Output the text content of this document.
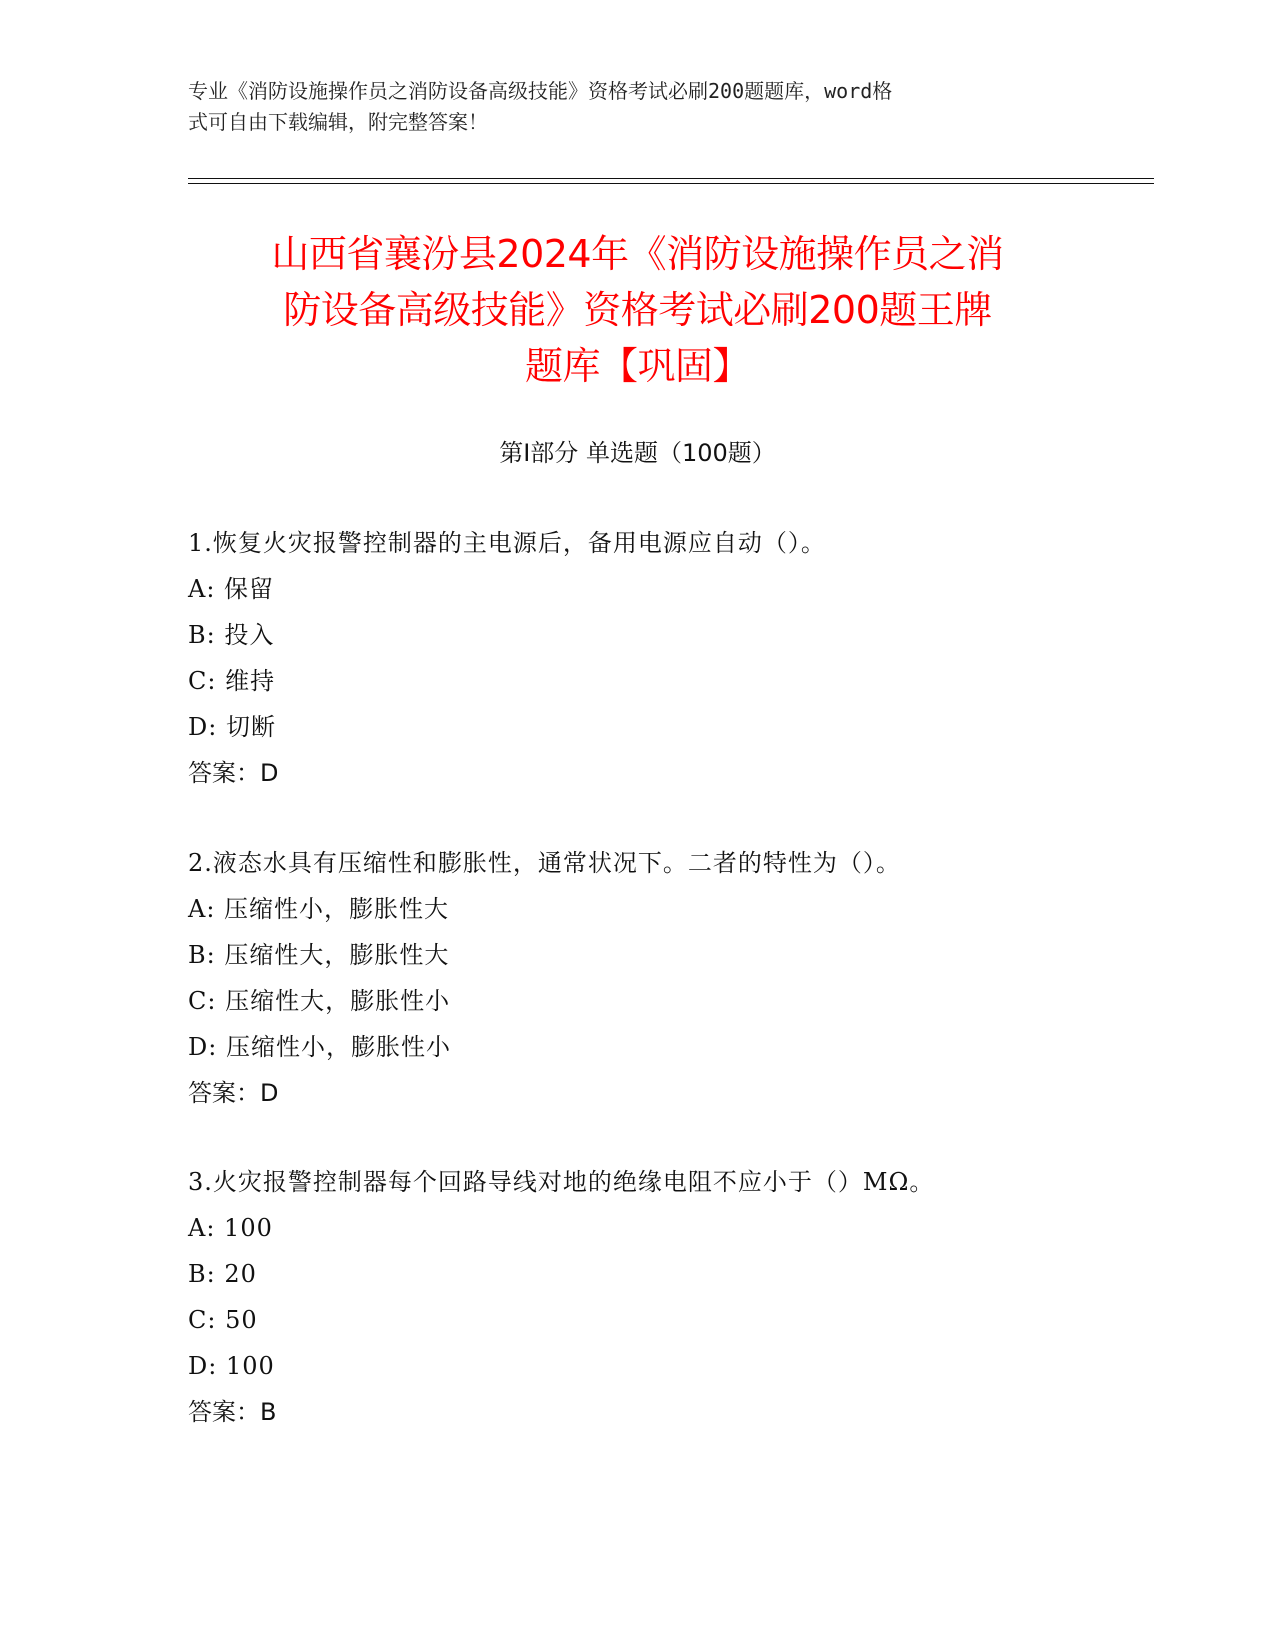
专业《消防设施操作员之消防设备高级技能》资格考试必刷200题题库，word格
式可自由下载编辑，附完整答案！
山西省襄汾县2024年《消防设施操作员之消
防设备高级技能》资格考试必刷200题王牌
题库【巩固】
第Ⅰ部分 单选题（100题）
1.恢复火灾报警控制器的主电源后，备用电源应自动（）。
A: 保留
B: 投入
C: 维持
D: 切断
答案：D
2.液态水具有压缩性和膨胀性，通常状况下。二者的特性为（）。
A: 压缩性小，膨胀性大
B: 压缩性大，膨胀性大
C: 压缩性大，膨胀性小
D: 压缩性小，膨胀性小
答案：D
3.火灾报警控制器每个回路导线对地的绝缘电阻不应小于（）MΩ。
A: 100
B: 20
C: 50
D: 100
答案：B
